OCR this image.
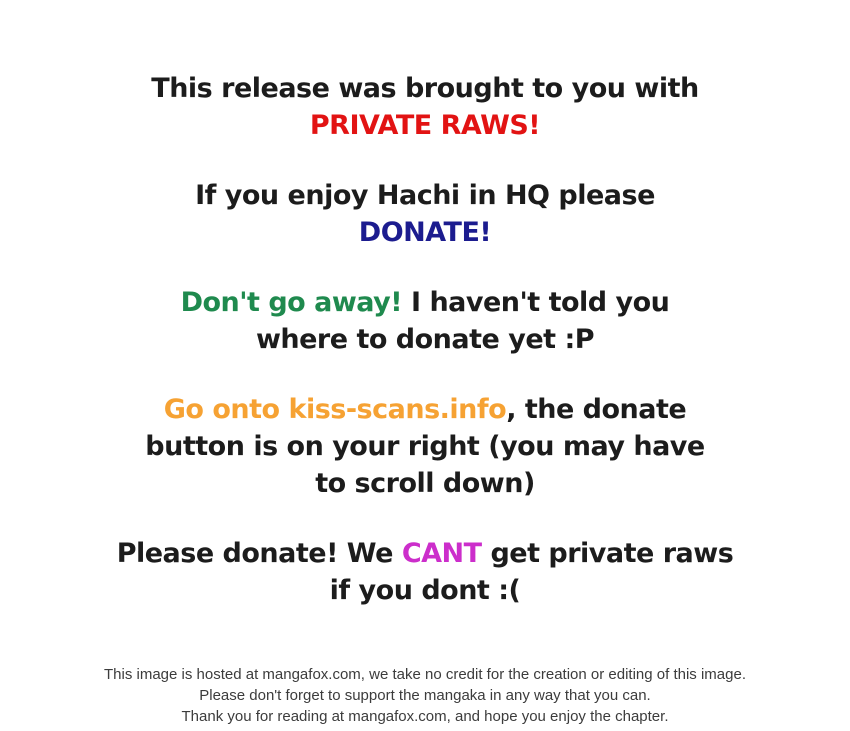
This release was brought to you with
PRIVATE RAWS!

If you enjoy Hachi in HQ please
DONATE!

Don't go away! I haven't told you
where to donate yet :P

Go onto kiss-scans.info, the donate
button is on your right (you may have
to scroll down)

Please donate! We CANT get private raws
if you dont :(

This image is hosted at mangafox.com, we take no credit for the creation or editing of this image.
Please don't forget to support the mangaka in any way that you can.
Thank you for reading at mangafox.com, and hope you enjoy the chapter.
